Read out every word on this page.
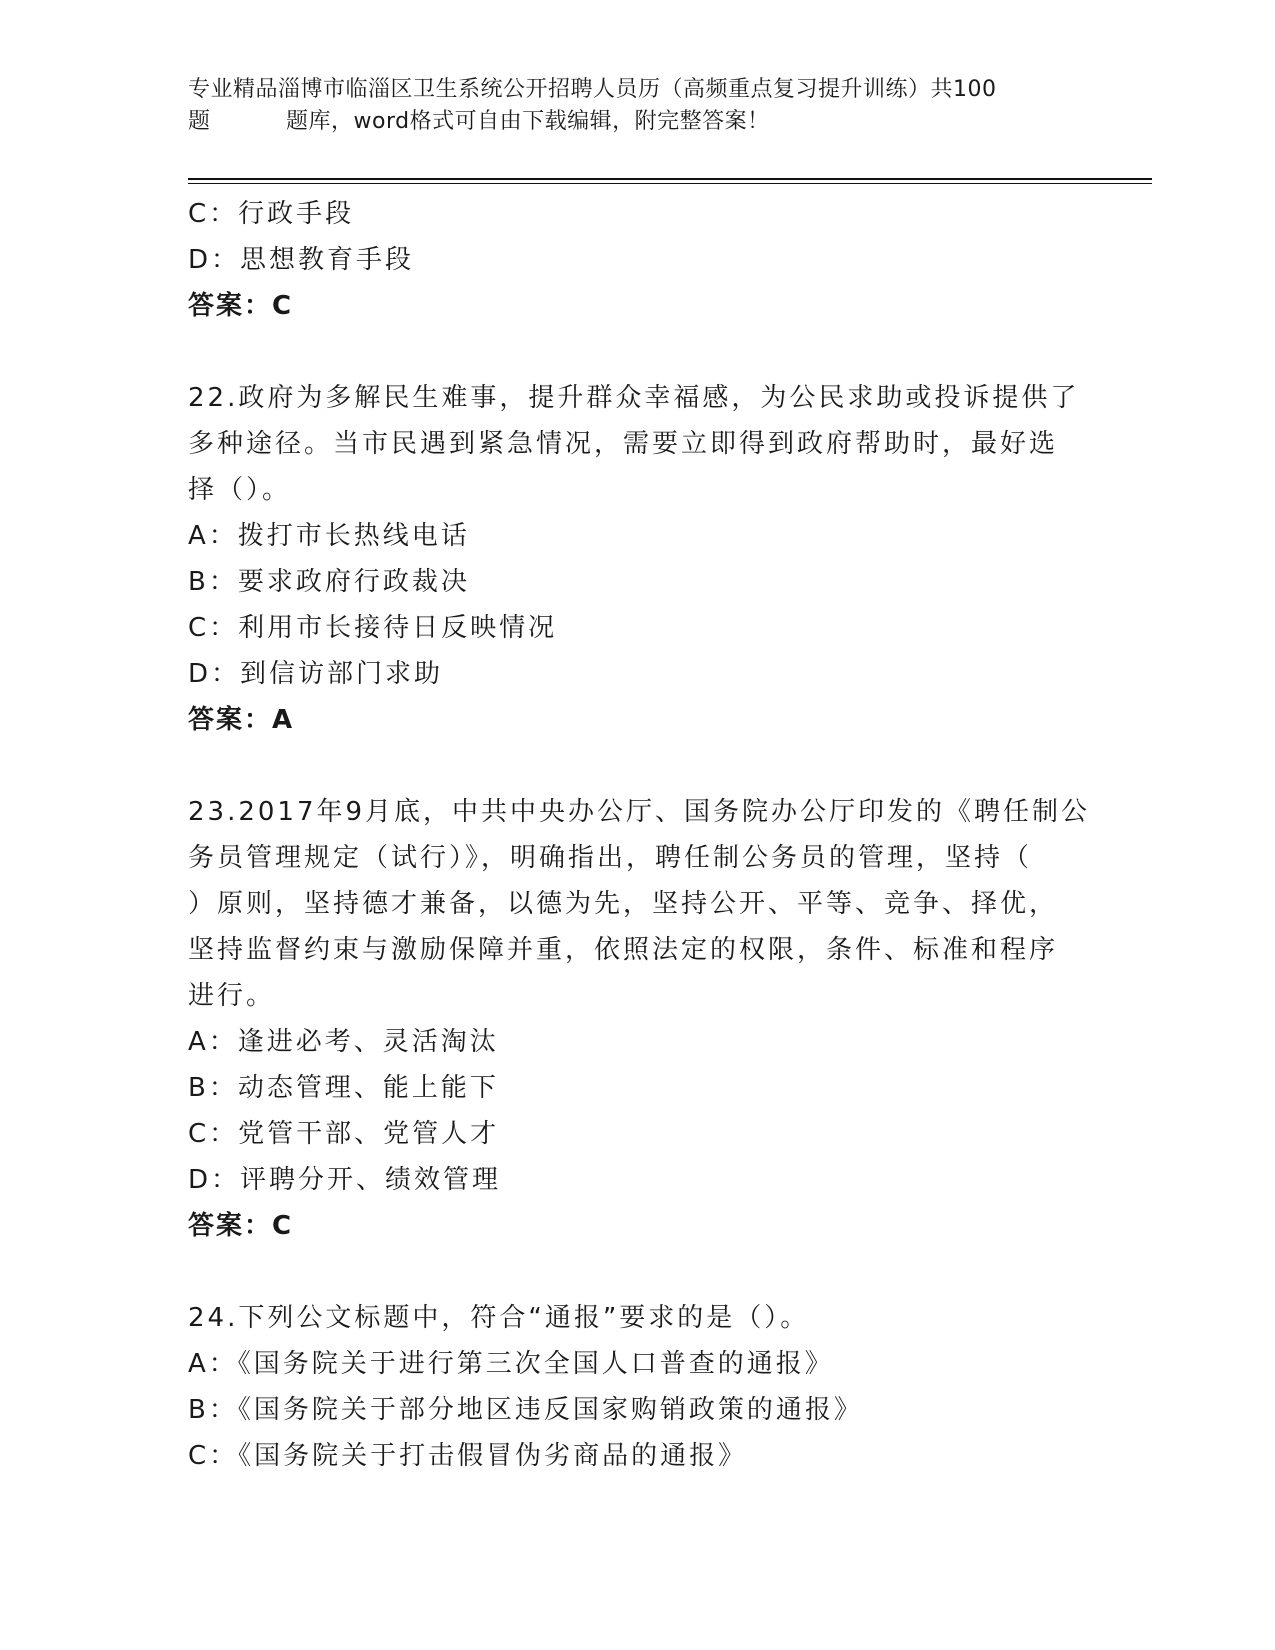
专业精品淄博市临淄区卫生系统公开招聘人员历（高频重点复习提升训练）共100
题	题库，word格式可自由下载编辑，附完整答案！
C：行政手段
D：思想教育手段
答案：C
22.政府为多解民生难事，提升群众幸福感，为公民求助或投诉提供了
多种途径。当市民遇到紧急情况，需要立即得到政府帮助时，最好选
择（）。
A：拨打市长热线电话
B：要求政府行政裁决
C：利用市长接待日反映情况
D：到信访部门求助
答案：A
23.2017年9月底，中共中央办公厅、国务院办公厅印发的《聘任制公
务员管理规定（试行）》，明确指出，聘任制公务员的管理，坚持（
）原则，坚持德才兼备，以德为先，坚持公开、平等、竞争、择优，
坚持监督约束与激励保障并重，依照法定的权限，条件、标准和程序
进行。
A：逢进必考、灵活淘汰
B：动态管理、能上能下
C：党管干部、党管人才
D：评聘分开、绩效管理
答案：C
24.下列公文标题中，符合“通报”要求的是（）。
A：《国务院关于进行第三次全国人口普查的通报》
B：《国务院关于部分地区违反国家购销政策的通报》
C：《国务院关于打击假冒伪劣商品的通报》
